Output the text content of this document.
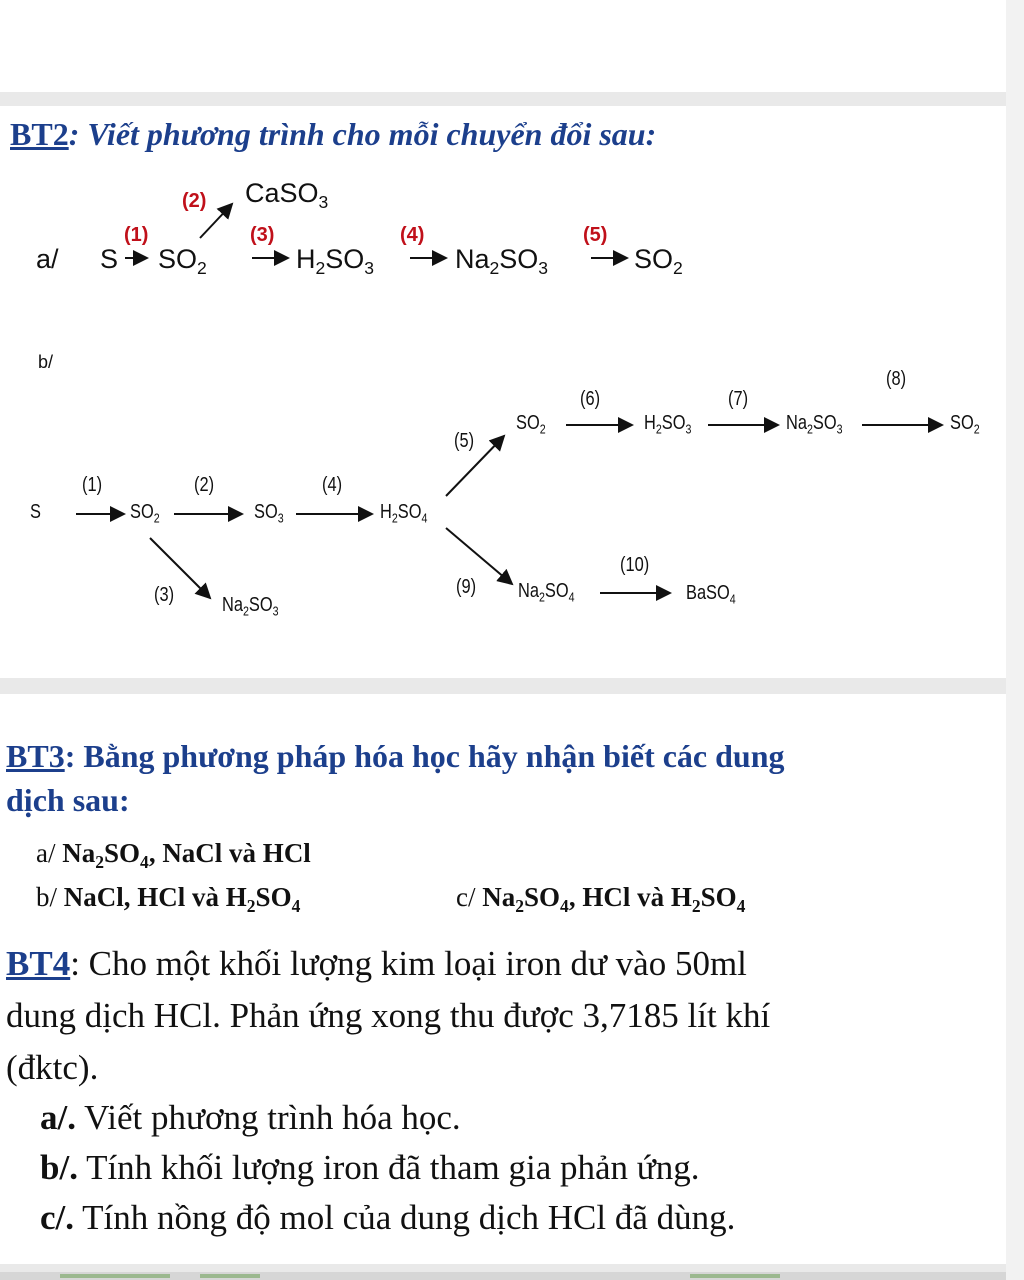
BT2: Viết phương trình cho mỗi chuyển đổi sau:
a/ S $SO_2$	$H_2SO_3$	$Na_2SO_3$	$SO_2$
CaSO$_3$
(1)
(2)
(3)	(4)	(5)
b/
S	$SO_2$	$SO_3$	$H_2SO_4$
$Na_2SO_3$
$SO_2$	$H_2SO_3$	$Na_2SO_3$	$SO_2$
$Na_2SO_4$	BaSO$_4$
(1)	(2)
(3)
(4)
(5)
(6)	(7)
(8)
(9)
(10)
BT3: Bằng phương pháp hóa học hãy nhận biết các dung
dịch sau:
a/ $Na_2SO_4$, NaCl và HCl
b/ NaCl, HCl và $H_2SO_4$	c/ $Na_2SO_4$, HCl và $H_2SO_4$
BT4: Cho một khối lượng kim loại iron dư vào 50ml
dung dịch HCl. Phản ứng xong thu được 3,7185 lít khí
(đktc).
a/. Viết phương trình hóa học.
b/. Tính khối lượng iron đã tham gia phản ứng.
c/. Tính nồng độ mol của dung dịch HCl đã dùng.
